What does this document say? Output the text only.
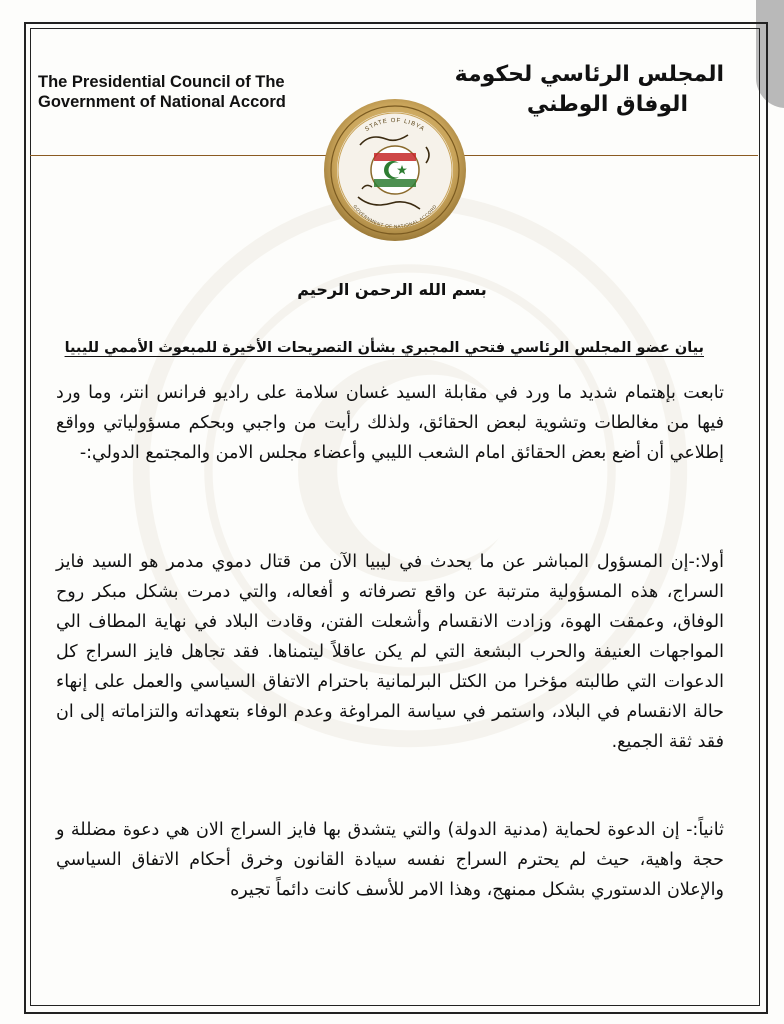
The Presidential Council of The
Government of National Accord
المجلس الرئاسي لحكومة
الوفاق الوطني
STATE OF LIBYA
GOVERNMENT OF NATIONAL ACCORD
بسم الله الرحمن الرحيم
بيان عضو المجلس الرئاسي فتحي المجبري بشأن التصريحات الأخيرة للمبعوث الأممي لليبيا

تابعت بإهتمام شديد ما ورد في مقابلة السيد غسان سلامة على راديو فرانس انتر، وما ورد فيها من مغالطات وتشوية لبعض الحقائق، ولذلك رأيت من واجبي وبحكم مسؤولياتي وواقع إطلاعي أن أضع بعض الحقائق امام الشعب الليبي وأعضاء مجلس الامن والمجتمع الدولي:-

أولا:-إن المسؤول المباشر عن ما يحدث في ليبيا الآن من قتال دموي مدمر هو السيد فايز السراج، هذه المسؤولية مترتبة عن واقع تصرفاته و أفعاله، والتي دمرت بشكل مبكر روح الوفاق، وعمقت الهوة، وزادت الانقسام وأشعلت الفتن، وقادت البلاد في نهاية المطاف الي المواجهات العنيفة والحرب البشعة التي لم يكن عاقلاً ليتمناها. فقد تجاهل فايز السراج كل الدعوات التي طالبته مؤخرا من الكتل البرلمانية باحترام الاتفاق السياسي والعمل على إنهاء حالة الانقسام في البلاد، واستمر في سياسة المراوغة وعدم الوفاء بتعهداته والتزاماته إلى ان فقد ثقة الجميع.

ثانياً:- إن الدعوة لحماية (مدنية الدولة) والتي يتشدق بها فايز السراج الان هي دعوة مضللة و حجة واهية، حيث لم يحترم السراج نفسه سيادة القانون وخرق أحكام الاتفاق السياسي والإعلان الدستوري بشكل ممنهج، وهذا الامر للأسف كانت دائماً تجيره
